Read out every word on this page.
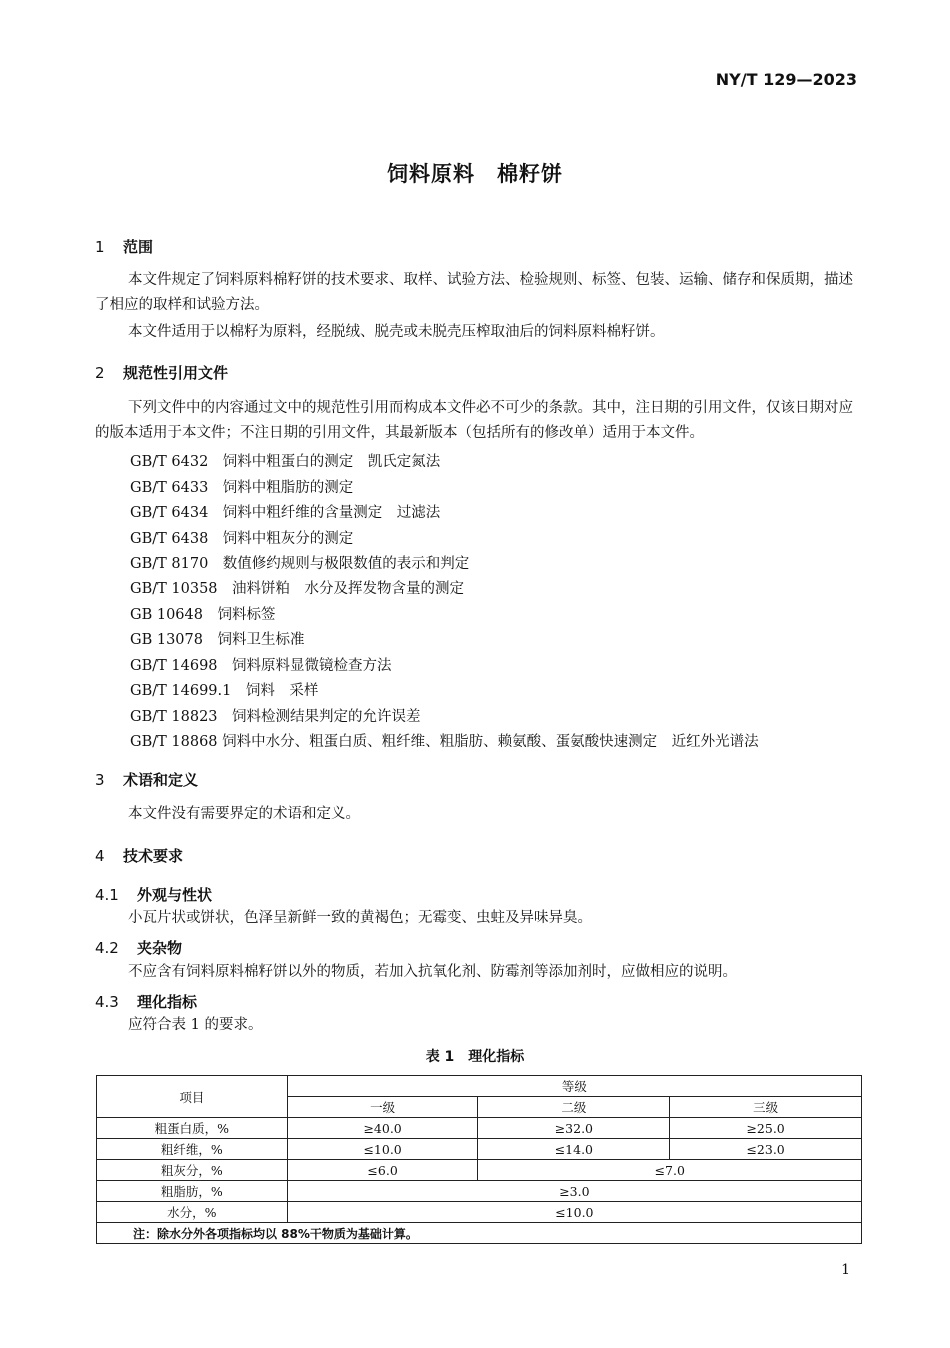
NY/T 129—2023
饲料原料　棉籽饼
1 范围
本文件规定了饲料原料棉籽饼的技术要求、取样、试验方法、检验规则、标签、包装、运输、储存和保质期，描述了相应的取样和试验方法。
本文件适用于以棉籽为原料，经脱绒、脱壳或未脱壳压榨取油后的饲料原料棉籽饼。
2 规范性引用文件
下列文件中的内容通过文中的规范性引用而构成本文件必不可少的条款。其中，注日期的引用文件，仅该日期对应的版本适用于本文件；不注日期的引用文件，其最新版本（包括所有的修改单）适用于本文件。
GB/T 6432　饲料中粗蛋白的测定　凯氏定氮法
GB/T 6433　饲料中粗脂肪的测定
GB/T 6434　饲料中粗纤维的含量测定　过滤法
GB/T 6438　饲料中粗灰分的测定
GB/T 8170　数值修约规则与极限数值的表示和判定
GB/T 10358　油料饼粕　水分及挥发物含量的测定
GB 10648　饲料标签
GB 13078　饲料卫生标准
GB/T 14698　饲料原料显微镜检查方法
GB/T 14699.1　饲料　采样
GB/T 18823　饲料检测结果判定的允许误差
GB/T 18868 饲料中水分、粗蛋白质、粗纤维、粗脂肪、赖氨酸、蛋氨酸快速测定　近红外光谱法
3 术语和定义
本文件没有需要界定的术语和定义。
4 技术要求
4.1 外观与性状
小瓦片状或饼状，色泽呈新鲜一致的黄褐色；无霉变、虫蛀及异味异臭。
4.2 夹杂物
不应含有饲料原料棉籽饼以外的物质，若加入抗氧化剂、防霉剂等添加剂时，应做相应的说明。
4.3 理化指标
应符合表 1 的要求。
表 1　理化指标
项目	等级		
	一级	二级	三级
粗蛋白质，%	≥40.0	≥32.0	≥25.0
粗纤维，%	≤10.0	≤14.0	≤23.0
粗灰分，%	≤6.0	≤7.0	
粗脂肪，%	≥3.0		
水分，%	≤10.0		
注：除水分外各项指标均以 88%干物质为基础计算。			
1
